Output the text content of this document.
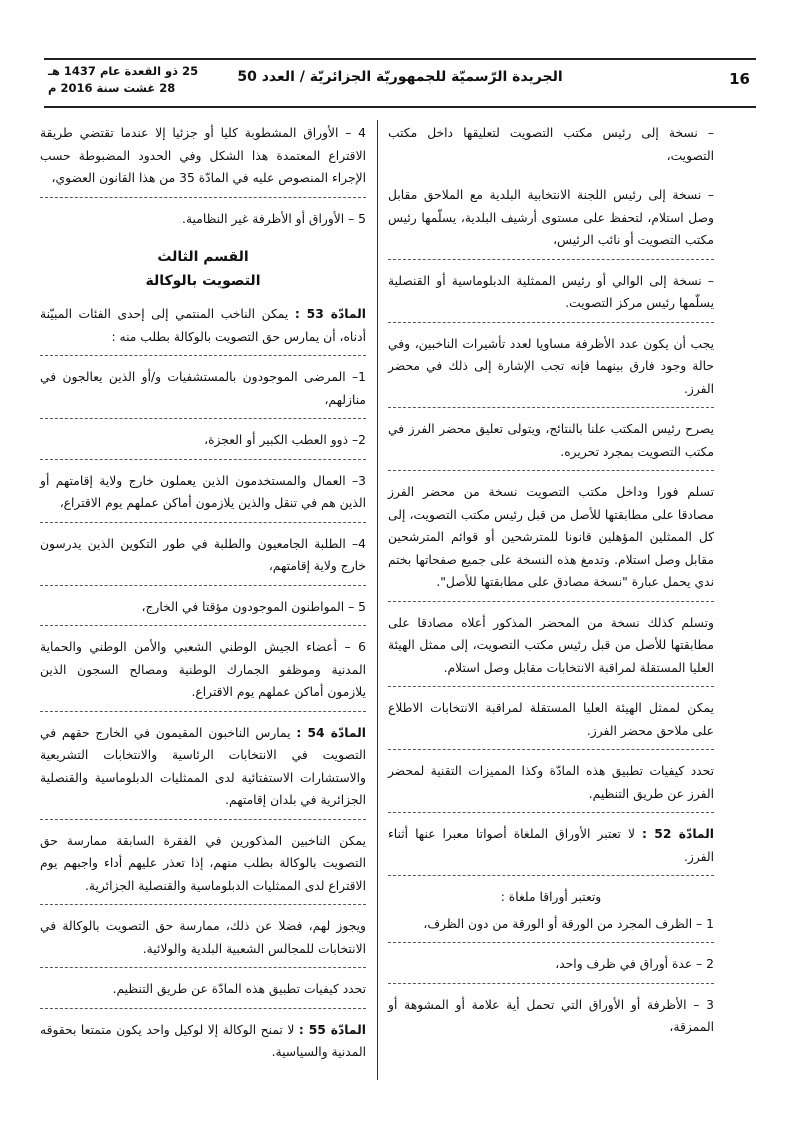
16
الجريدة الرّسميّة للجمهوريّة الجزائريّة / العدد 50
25 ذو القعدة عام 1437 هـ
28 غشت سنة 2016 م

– نسخة إلى رئيس مكتب التصويت لتعليقها داخل مكتب التصويت،

– نسخة إلى رئيس اللجنة الانتخابية البلدية مع الملاحق مقابل وصل استلام، لتحفظ على مستوى أرشيف البلدية، يسلّمها رئيس مكتب التصويت أو نائب الرئيس،

– نسخة إلى الوالي أو رئيس الممثلية الدبلوماسية أو القنصلية يسلّمها رئيس مركز التصويت.

يجب أن يكون عدد الأظرفة مساويا لعدد تأشيرات الناخبين، وفي حالة وجود فارق بينهما فإنه تجب الإشارة إلى ذلك في محضر الفرز.

يصرح رئيس المكتب علنا بالنتائج، ويتولى تعليق محضر الفرز في مكتب التصويت بمجرد تحريره.

تسلم فورا وداخل مكتب التصويت نسخة من محضر الفرز مصادقا على مطابقتها للأصل من قبل رئيس مكتب التصويت، إلى كل الممثلين المؤهلين قانونا للمترشحين أو قوائم المترشحين مقابل وصل استلام. وتدمغ هذه النسخة على جميع صفحاتها بختم ندي يحمل عبارة "نسخة مصادق على مطابقتها للأصل".

وتسلم كذلك نسخة من المحضر المذكور أعلاه مصادقا على مطابقتها للأصل من قبل رئيس مكتب التصويت، إلى ممثل الهيئة العليا المستقلة لمراقبة الانتخابات مقابل وصل استلام.

يمكن لممثل الهيئة العليا المستقلة لمراقبة الانتخابات الاطلاع على ملاحق محضر الفرز.

تحدد كيفيات تطبيق هذه المادّة وكذا المميزات التقنية لمحضر الفرز عن طريق التنظيم.

المادّة 52 : لا تعتبر الأوراق الملغاة أصواتا معبرا عنها أثناء الفرز.

وتعتبر أوراقا ملغاة :

1 – الظرف المجرد من الورقة أو الورقة من دون الظرف،

2 – عدة أوراق في ظرف واحد،

3 – الأظرفة أو الأوراق التي تحمل أية علامة أو المشوهة أو الممزقة،

4 – الأوراق المشطوبة كليا أو جزئيا إلا عندما تقتضي طريقة الاقتراع المعتمدة هذا الشكل وفي الحدود المضبوطة حسب الإجراء المنصوص عليه في المادّة 35 من هذا القانون العضوي،

5 – الأوراق أو الأظرفة غير النظامية.

القسم الثالث
التصويت بالوكالة

المادّة 53 : يمكن الناخب المنتمي إلى إحدى الفئات المبيّنة أدناه، أن يمارس حق التصويت بالوكالة بطلب منه :

1– المرضى الموجودون بالمستشفيات و/أو الذين يعالجون في منازلهم،

2– ذوو العطب الكبير أو العجزة،

3– العمال والمستخدمون الذين يعملون خارج ولاية إقامتهم أو الذين هم في تنقل والذين يلازمون أماكن عملهم يوم الاقتراع،

4– الطلبة الجامعيون والطلبة في طور التكوين الذين يدرسون خارج ولاية إقامتهم،

5 – المواطنون الموجودون مؤقتا في الخارج،

6 – أعضاء الجيش الوطني الشعبي والأمن الوطني والحماية المدنية وموظفو الجمارك الوطنية ومصالح السجون الذين يلازمون أماكن عملهم يوم الاقتراع.

المادّة 54 : يمارس الناخبون المقيمون في الخارج حقهم في التصويت في الانتخابات الرئاسية والانتخابات التشريعية والاستشارات الاستفتائية لدى الممثليات الدبلوماسية والقنصلية الجزائرية في بلدان إقامتهم.

يمكن الناخبين المذكورين في الفقرة السابقة ممارسة حق التصويت بالوكالة بطلب منهم، إذا تعذر عليهم أداء واجبهم يوم الاقتراع لدى الممثليات الدبلوماسية والقنصلية الجزائرية.

ويجوز لهم، فضلا عن ذلك، ممارسة حق التصويت بالوكالة في الانتخابات للمجالس الشعبية البلدية والولائية.

تحدد كيفيات تطبيق هذه المادّة عن طريق التنظيم.

المادّة 55 : لا تمنح الوكالة إلا لوكيل واحد يكون متمتعا بحقوقه المدنية والسياسية.
